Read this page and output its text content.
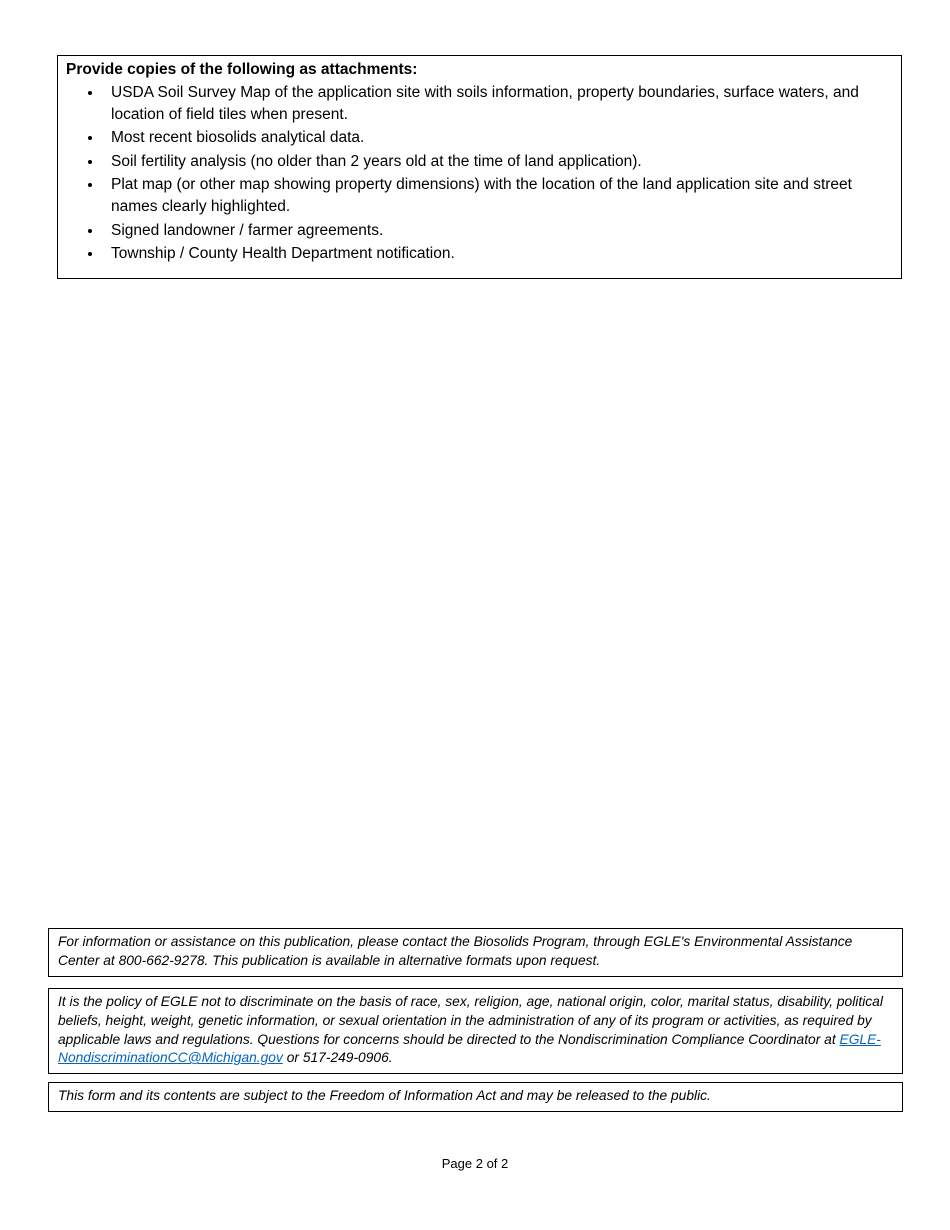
Provide copies of the following as attachments:
• USDA Soil Survey Map of the application site with soils information, property boundaries, surface waters, and location of field tiles when present.
• Most recent biosolids analytical data.
• Soil fertility analysis (no older than 2 years old at the time of land application).
• Plat map (or other map showing property dimensions) with the location of the land application site and street names clearly highlighted.
• Signed landowner / farmer agreements.
• Township / County Health Department notification.
For information or assistance on this publication, please contact the Biosolids Program, through EGLE's Environmental Assistance Center at 800-662-9278. This publication is available in alternative formats upon request.
It is the policy of EGLE not to discriminate on the basis of race, sex, religion, age, national origin, color, marital status, disability, political beliefs, height, weight, genetic information, or sexual orientation in the administration of any of its program or activities, as required by applicable laws and regulations. Questions for concerns should be directed to the Nondiscrimination Compliance Coordinator at EGLE-NondiscriminationCC@Michigan.gov or 517-249-0906.
This form and its contents are subject to the Freedom of Information Act and may be released to the public.
Page 2 of 2
